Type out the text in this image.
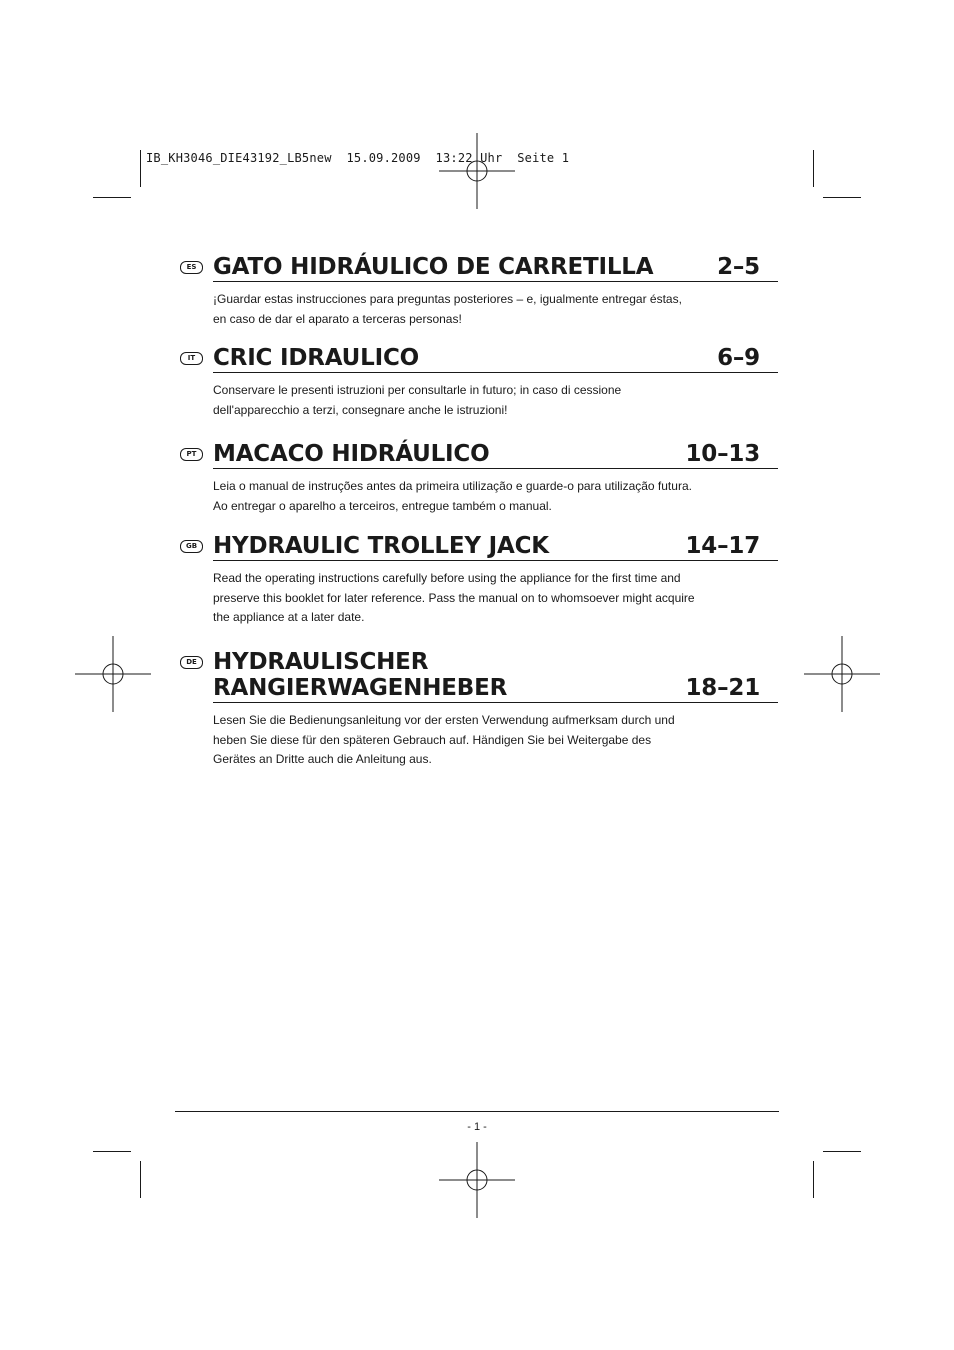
IB_KH3046_DIE43192_LB5new  15.09.2009  13:22 Uhr  Seite 1
ES GATO HIDRÁULICO DE CARRETILLA	2–5
¡Guardar estas instrucciones para preguntas posteriores – e, igualmente entregar éstas,
en caso de dar el aparato a terceras personas!
IT CRIC IDRAULICO	6–9
Conservare le presenti istruzioni per consultarle in futuro; in caso di cessione
dell'apparecchio a terzi, consegnare anche le istruzioni!
PT MACACO HIDRÁULICO	10–13
Leia o manual de instruções antes da primeira utilização e guarde-o para utilização futura.
Ao entregar o aparelho a terceiros, entregue também o manual.
GB HYDRAULIC TROLLEY JACK	14–17
Read the operating instructions carefully before using the appliance for the first time and
preserve this booklet for later reference. Pass the manual on to whomsoever might acquire
the appliance at a later date.
DE HYDRAULISCHER
RANGIERWAGENHEBER	18–21
Lesen Sie die Bedienungsanleitung vor der ersten Verwendung aufmerksam durch und
heben Sie diese für den späteren Gebrauch auf. Händigen Sie bei Weitergabe des
Gerätes an Dritte auch die Anleitung aus.
- 1 -
